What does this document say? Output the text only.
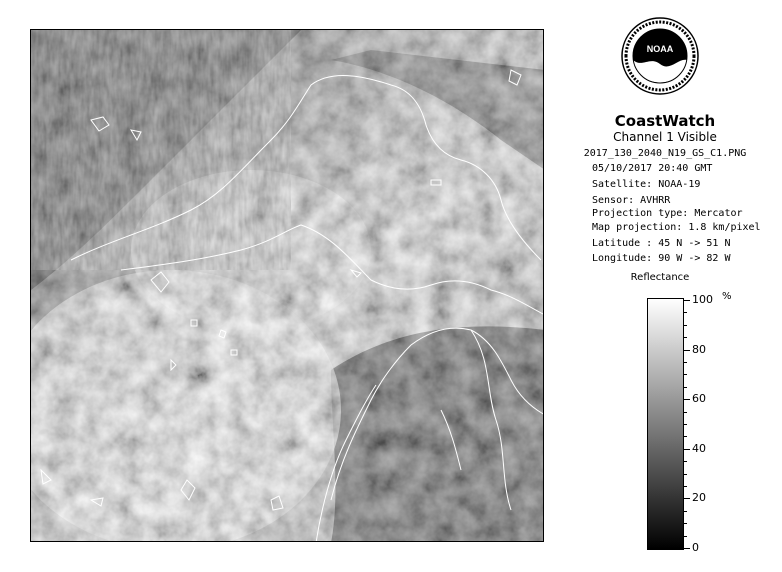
NOAA
CoastWatch
Channel 1 Visible
2017_130_2040_N19_GS_C1.PNG
05/10/2017 20:40 GMT
Satellite: NOAA-19
Sensor: AVHRR
Projection type: Mercator
Map projection: 1.8 km/pixel
Latitude : 45 N -> 51 N
Longitude: 90 W -> 82 W
Reflectance
%
100
80
60
40
20
0
